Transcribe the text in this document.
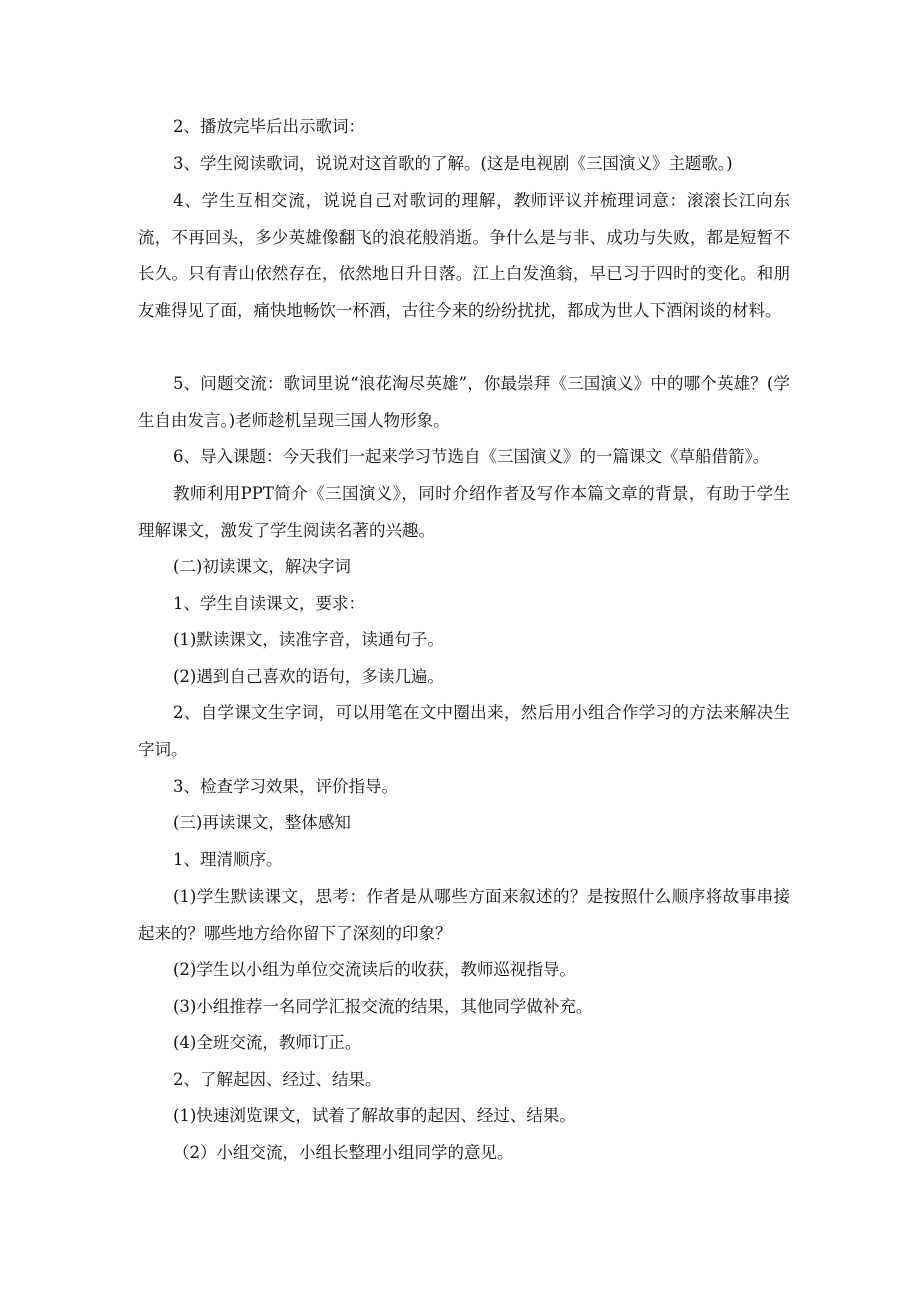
2、播放完毕后出示歌词：

3、学生阅读歌词，说说对这首歌的了解。(这是电视剧《三国演义》主题歌。)

4、学生互相交流，说说自己对歌词的理解，教师评议并梳理词意：滚滚长江向东流，不再回头，多少英雄像翻飞的浪花般消逝。争什么是与非、成功与失败，都是短暂不长久。只有青山依然存在，依然地日升日落。江上白发渔翁，早已习于四时的变化。和朋友难得见了面，痛快地畅饮一杯酒，古往今来的纷纷扰扰，都成为世人下酒闲谈的材料。

5、问题交流：歌词里说“浪花淘尽英雄”，你最崇拜《三国演义》中的哪个英雄？(学生自由发言。)老师趁机呈现三国人物形象。

6、导入课题：今天我们一起来学习节选自《三国演义》的一篇课文《草船借箭》。

教师利用PPT简介《三国演义》，同时介绍作者及写作本篇文章的背景，有助于学生理解课文，激发了学生阅读名著的兴趣。

(二)初读课文，解决字词

1、学生自读课文，要求：

(1)默读课文，读准字音，读通句子。

(2)遇到自己喜欢的语句，多读几遍。

2、自学课文生字词，可以用笔在文中圈出来，然后用小组合作学习的方法来解决生字词。

3、检查学习效果，评价指导。

(三)再读课文，整体感知

1、理清顺序。

(1)学生默读课文，思考：作者是从哪些方面来叙述的？是按照什么顺序将故事串接起来的？哪些地方给你留下了深刻的印象？

(2)学生以小组为单位交流读后的收获，教师巡视指导。

(3)小组推荐一名同学汇报交流的结果，其他同学做补充。

(4)全班交流，教师订正。

2、了解起因、经过、结果。

(1)快速浏览课文，试着了解故事的起因、经过、结果。

（2）小组交流，小组长整理小组同学的意见。
